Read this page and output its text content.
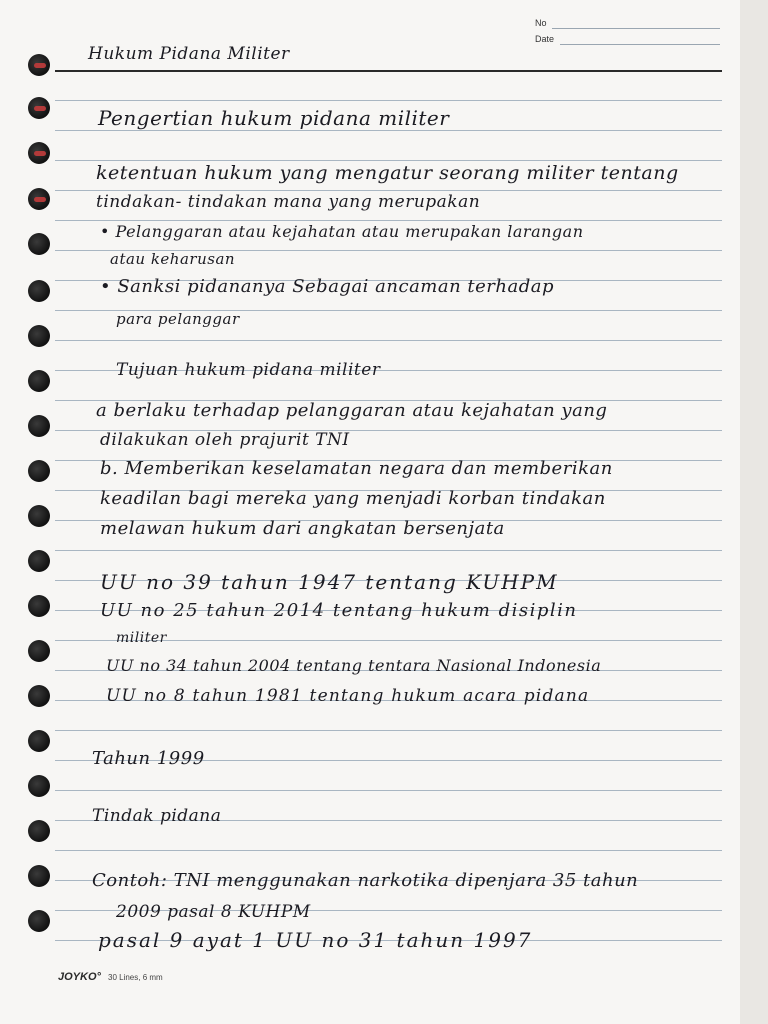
No
Date
Hukum Pidana Militer
Pengertian hukum pidana militer
ketentuan hukum yang mengatur seorang militer tentang
tindakan- tindakan mana yang merupakan
• Pelanggaran atau kejahatan atau merupakan larangan
atau keharusan
• Sanksi pidananya Sebagai ancaman terhadap
para pelanggar
Tujuan hukum pidana militer
a berlaku terhadap pelanggaran atau kejahatan yang
dilakukan oleh prajurit TNI
b. Memberikan keselamatan negara dan memberikan
keadilan bagi mereka yang menjadi korban tindakan
melawan hukum dari angkatan bersenjata
UU no 39 tahun 1947 tentang KUHPM
UU no 25 tahun 2014 tentang hukum disiplin
militer
UU no 34 tahun 2004 tentang tentara Nasional Indonesia
UU no 8 tahun 1981 tentang hukum acara pidana
Tahun 1999
Tindak pidana
Contoh: TNI menggunakan narkotika dipenjara 35 tahun
2009 pasal 8 KUHPM
pasal 9 ayat 1 UU no 31 tahun 1997
JOYKO° 30 Lines, 6 mm
